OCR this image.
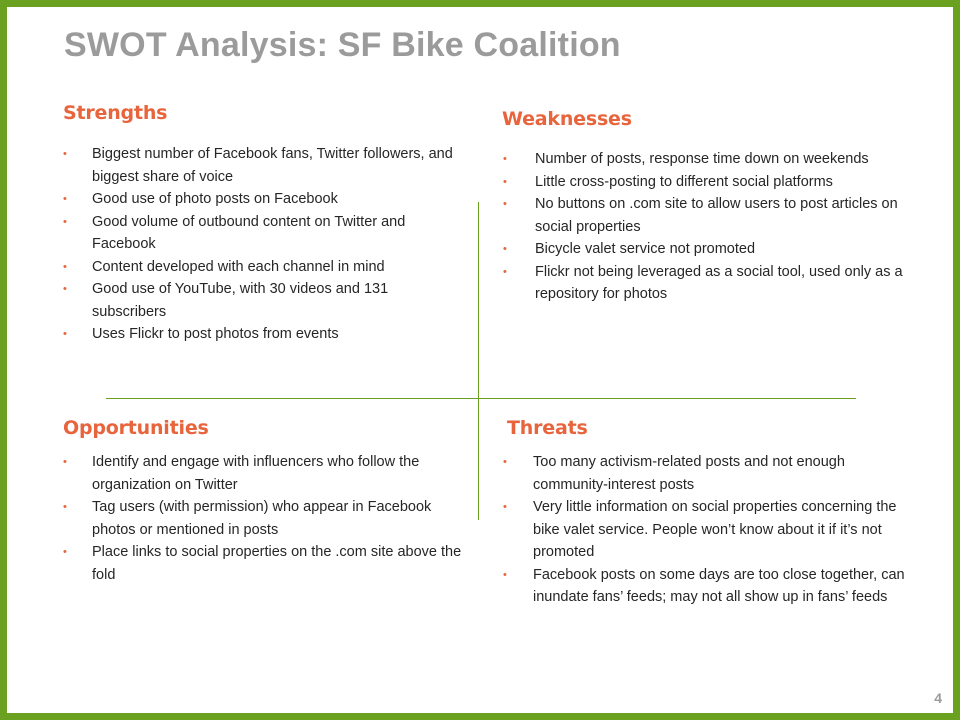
SWOT Analysis: SF Bike Coalition
Strengths
• Biggest number of Facebook fans, Twitter followers, and biggest share of voice
• Good use of photo posts on Facebook
• Good volume of outbound content on Twitter and Facebook
• Content developed with each channel in mind
• Good use of YouTube, with 30 videos and 131 subscribers
• Uses Flickr to post photos from events
Weaknesses
• Number of posts, response time down on weekends
• Little cross-posting to different social platforms
• No buttons on .com site to allow users to post articles on social properties
• Bicycle valet service not promoted
• Flickr not being leveraged as a social tool, used only as a repository for photos
Opportunities
• Identify and engage with influencers who follow the organization on Twitter
• Tag users (with permission) who appear in Facebook photos or mentioned in posts
• Place links to social properties on the .com site above the fold
Threats
• Too many activism-related posts and not enough community-interest posts
• Very little information on social properties concerning the bike valet service. People won’t know about it if it’s not promoted
• Facebook posts on some days are too close together, can inundate fans’ feeds; may not all show up in fans’ feeds
4
